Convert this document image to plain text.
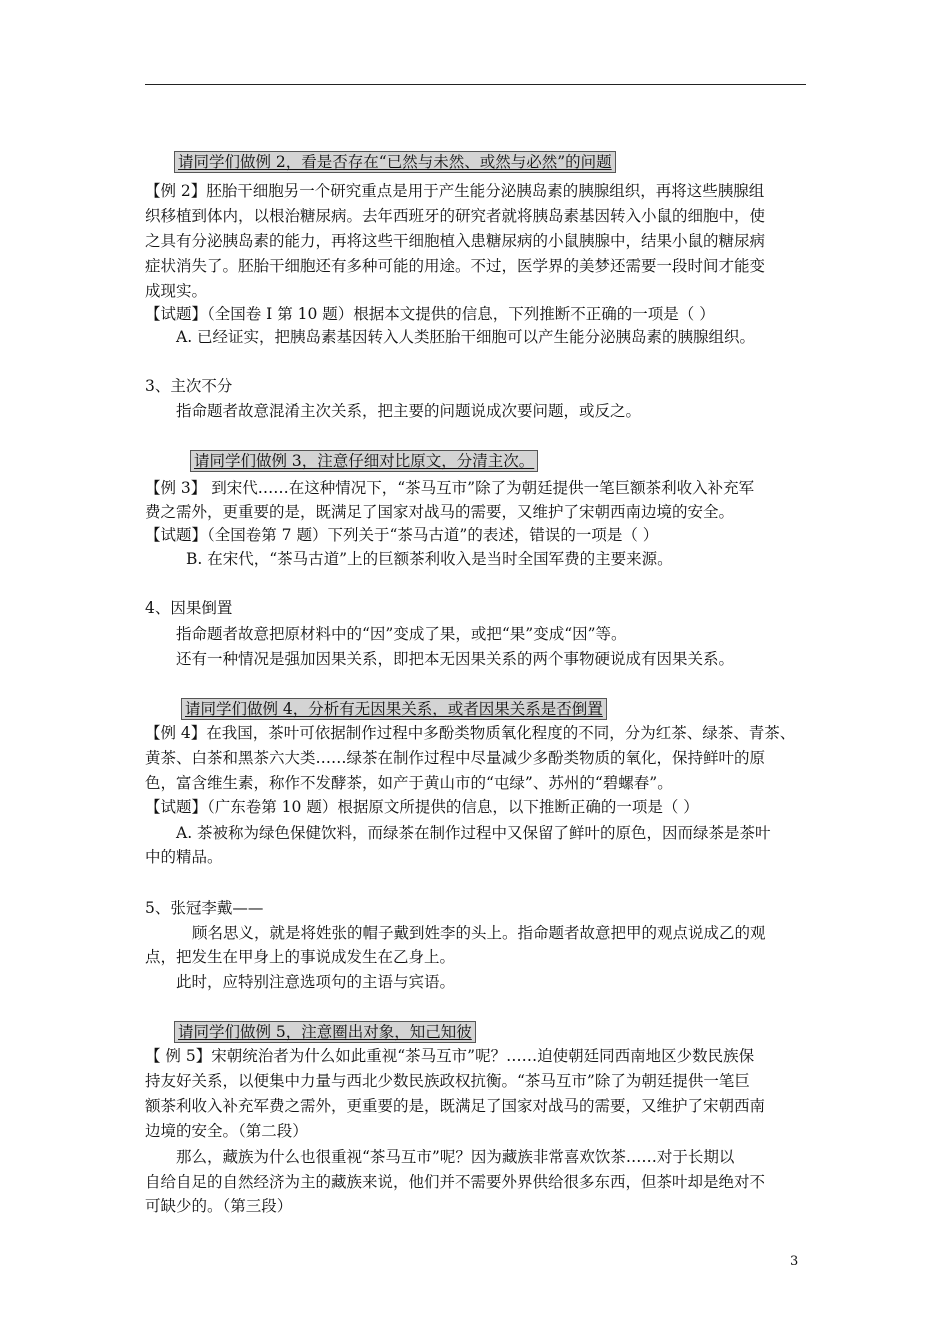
请同学们做例 2，看是否存在“已然与未然、或然与必然”的问题
【例 2】胚胎干细胞另一个研究重点是用于产生能分泌胰岛素的胰腺组织，再将这些胰腺组
织移植到体内，以根治糖尿病。去年西班牙的研究者就将胰岛素基因转入小鼠的细胞中，使
之具有分泌胰岛素的能力，再将这些干细胞植入患糖尿病的小鼠胰腺中，结果小鼠的糖尿病
症状消失了。胚胎干细胞还有多种可能的用途。不过，医学界的美梦还需要一段时间才能变
成现实。
【试题】（全国卷 I 第 10 题）根据本文提供的信息，下列推断不正确的一项是（ ）
A. 已经证实，把胰岛素基因转入人类胚胎干细胞可以产生能分泌胰岛素的胰腺组织。
3、主次不分
指命题者故意混淆主次关系，把主要的问题说成次要问题，或反之。
请同学们做例 3，注意仔细对比原文，分清主次。
【例 3】 到宋代……在这种情况下，“茶马互市”除了为朝廷提供一笔巨额茶利收入补充军
费之需外，更重要的是，既满足了国家对战马的需要，又维护了宋朝西南边境的安全。
【试题】（全国卷第 7 题）下列关于“茶马古道”的表述，错误的一项是（ ）
B. 在宋代，“茶马古道”上的巨额茶利收入是当时全国军费的主要来源。
4、因果倒置
指命题者故意把原材料中的“因”变成了果，或把“果”变成“因”等。
还有一种情况是强加因果关系，即把本无因果关系的两个事物硬说成有因果关系。
请同学们做例 4，分析有无因果关系，或者因果关系是否倒置
【例 4】在我国，茶叶可依据制作过程中多酚类物质氧化程度的不同，分为红茶、绿茶、青茶、
黄茶、白茶和黑茶六大类……绿茶在制作过程中尽量减少多酚类物质的氧化，保持鲜叶的原
色，富含维生素，称作不发酵茶，如产于黄山市的“屯绿”、苏州的“碧螺春”。
【试题】（广东卷第 10 题）根据原文所提供的信息，以下推断正确的一项是（ ）
A. 茶被称为绿色保健饮料，而绿茶在制作过程中又保留了鲜叶的原色，因而绿茶是茶叶
中的精品。
5、张冠李戴——
顾名思义，就是将姓张的帽子戴到姓李的头上。指命题者故意把甲的观点说成乙的观
点，把发生在甲身上的事说成发生在乙身上。
此时，应特别注意选项句的主语与宾语。
请同学们做例 5，注意圈出对象，知己知彼
【 例 5】宋朝统治者为什么如此重视“茶马互市”呢？……迫使朝廷同西南地区少数民族保
持友好关系，以便集中力量与西北少数民族政权抗衡。“茶马互市”除了为朝廷提供一笔巨
额茶利收入补充军费之需外，更重要的是，既满足了国家对战马的需要，又维护了宋朝西南
边境的安全。（第二段）
那么，藏族为什么也很重视“茶马互市”呢？因为藏族非常喜欢饮茶……对于长期以
自给自足的自然经济为主的藏族来说，他们并不需要外界供给很多东西，但茶叶却是绝对不
可缺少的。（第三段）
3
